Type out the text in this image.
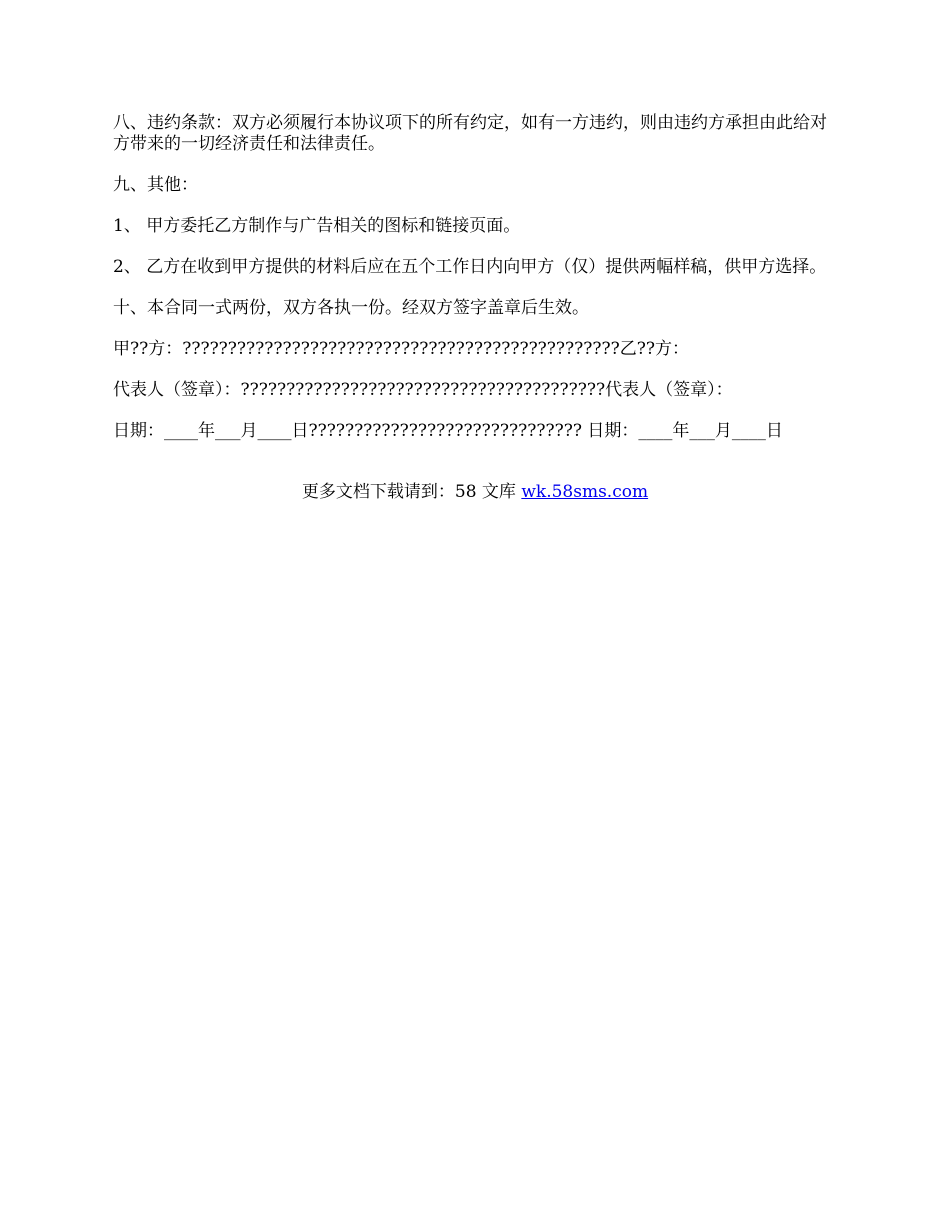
八、违约条款：双方必须履行本协议项下的所有约定，如有一方违约，则由违约方承担由此给对方带来的一切经济责任和法律责任。

九、其他：

1、 甲方委托乙方制作与广告相关的图标和链接页面。

2、 乙方在收到甲方提供的材料后应在五个工作日内向甲方（仅）提供两幅样稿，供甲方选择。

十、本合同一式两份，双方各执一份。经双方签字盖章后生效。

甲??方：????????????????????????????????????????????????乙??方：

代表人（签章）：????????????????????????????????????????代表人（签章）：

日期：____年___月____日?????????????????????????????? 日期：____年___月____日

更多文档下载请到：58 文库 wk.58sms.com
